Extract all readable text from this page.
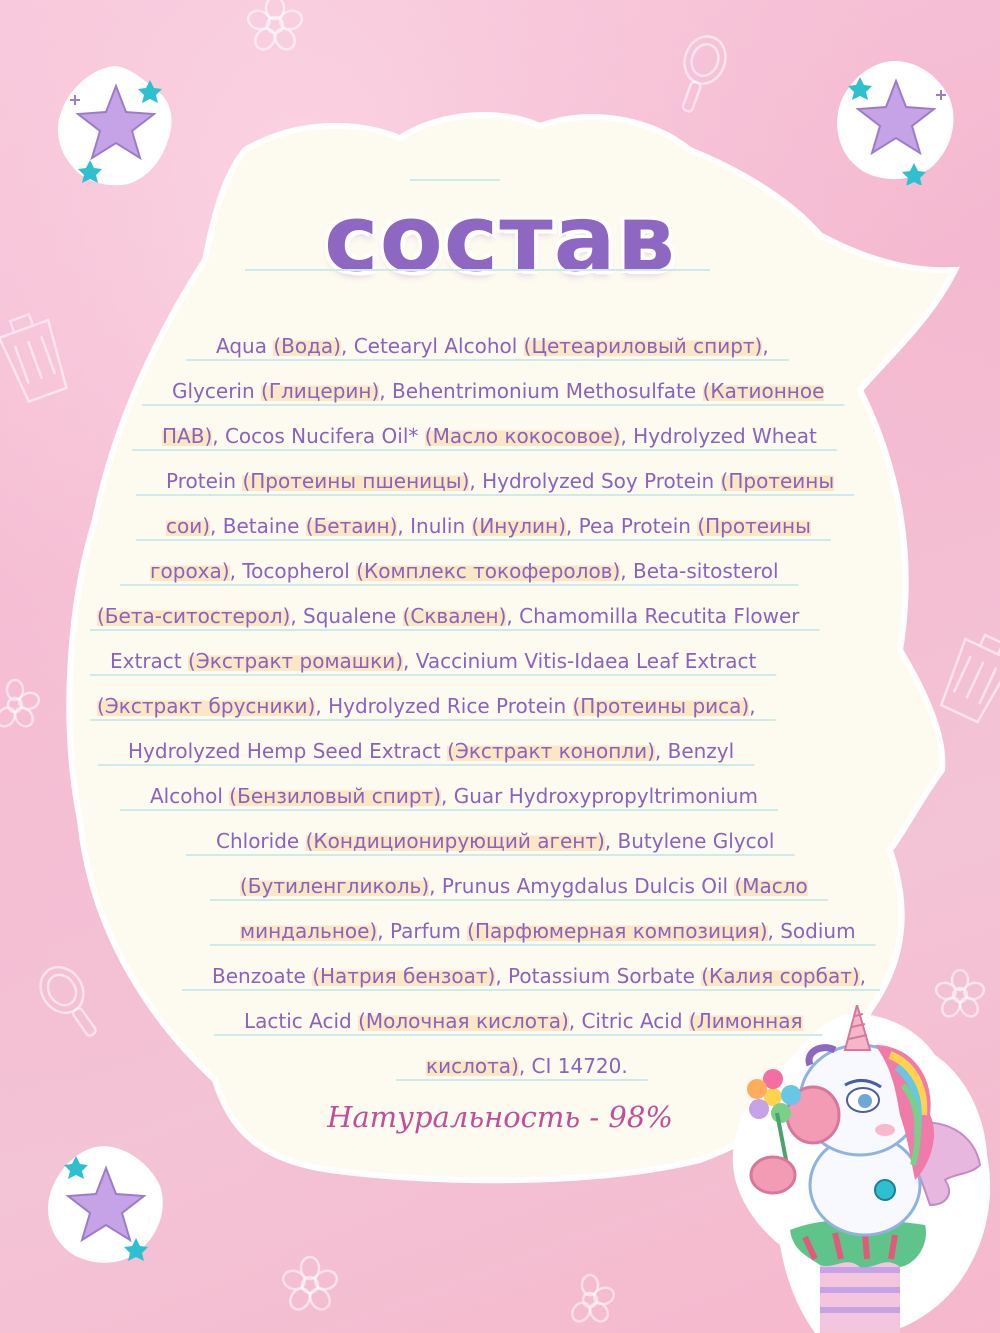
состав
Aqua (Вода), Cetearyl Alcohol (Цетеариловый спирт),
Glycerin (Глицерин), Behentrimonium Methosulfate (Катионное
ПАВ), Cocos Nucifera Oil* (Масло кокосовое), Hydrolyzed Wheat
Protein (Протеины пшеницы), Hydrolyzed Soy Protein (Протеины
сои), Betaine (Бетаин), Inulin (Инулин), Pea Protein (Протеины
гороха), Tocopherol (Комплекс токоферолов), Beta-sitosterol
(Бета-ситостерол), Squalene (Сквален), Chamomilla Recutita Flower
Extract (Экстракт ромашки), Vaccinium Vitis-Idaea Leaf Extract
(Экстракт брусники), Hydrolyzed Rice Protein (Протеины риса),
Hydrolyzed Hemp Seed Extract (Экстракт конопли), Benzyl
Alcohol (Бензиловый спирт), Guar Hydroxypropyltrimonium
Chloride (Кондиционирующий агент), Butylene Glycol
(Бутиленгликоль), Prunus Amygdalus Dulcis Oil (Масло
миндальное), Parfum (Парфюмерная композиция), Sodium
Benzoate (Натрия бензоат), Potassium Sorbate (Калия сорбат),
Lactic Acid (Молочная кислота), Citric Acid (Лимонная
кислота), CI 14720.
Натуральность - 98%
